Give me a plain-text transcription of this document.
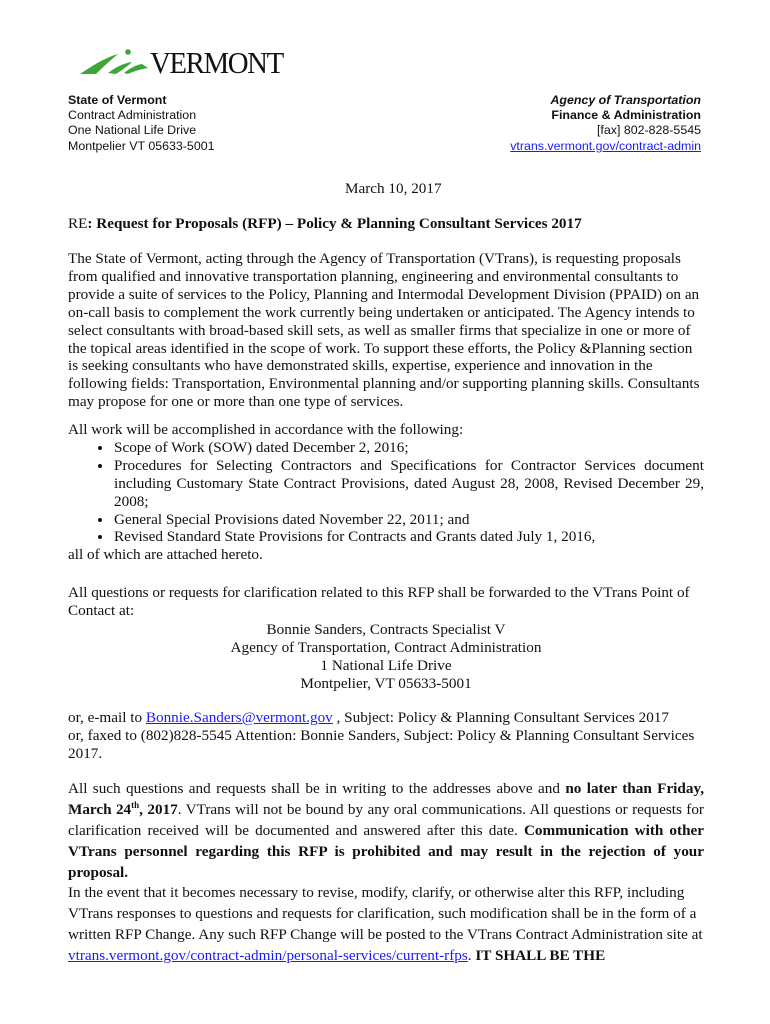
VERMONT
State of Vermont
Contract Administration
One National Life Drive
Montpelier VT 05633-5001
Agency of Transportation
Finance & Administration
[fax] 802-828-5545
vtrans.vermont.gov/contract-admin
March 10, 2017
RE: Request for Proposals (RFP) – Policy & Planning Consultant Services 2017

The State of Vermont, acting through the Agency of Transportation (VTrans), is requesting proposals from qualified and innovative transportation planning, engineering and environmental consultants to provide a suite of services to the Policy, Planning and Intermodal Development Division (PPAID) on an on-call basis to complement the work currently being undertaken or anticipated. The Agency intends to select consultants with broad-based skill sets, as well as smaller firms that specialize in one or more of the topical areas identified in the scope of work. To support these efforts, the Policy &Planning section is seeking consultants who have demonstrated skills, expertise, experience and innovation in the following fields: Transportation, Environmental planning and/or supporting planning skills. Consultants may propose for one or more than one type of services.

All work will be accomplished in accordance with the following:
• Scope of Work (SOW) dated December 2, 2016;
• Procedures for Selecting Contractors and Specifications for Contractor Services document including Customary State Contract Provisions, dated August 28, 2008, Revised December 29, 2008;
• General Special Provisions dated November 22, 2011; and
• Revised Standard State Provisions for Contracts and Grants dated July 1, 2016,
all of which are attached hereto.

All questions or requests for clarification related to this RFP shall be forwarded to the VTrans Point of Contact at:

Bonnie Sanders, Contracts Specialist V
Agency of Transportation, Contract Administration
1 National Life Drive
Montpelier, VT 05633-5001
or, e-mail to Bonnie.Sanders@vermont.gov , Subject: Policy & Planning Consultant Services 2017
or, faxed to (802)828-5545 Attention: Bonnie Sanders, Subject: Policy & Planning Consultant Services 2017.

All such questions and requests shall be in writing to the addresses above and no later than Friday, March 24th, 2017. VTrans will not be bound by any oral communications. All questions or requests for clarification received will be documented and answered after this date. Communication with other VTrans personnel regarding this RFP is prohibited and may result in the rejection of your proposal.

In the event that it becomes necessary to revise, modify, clarify, or otherwise alter this RFP, including VTrans responses to questions and requests for clarification, such modification shall be in the form of a written RFP Change. Any such RFP Change will be posted to the VTrans Contract Administration site at vtrans.vermont.gov/contract-admin/personal-services/current-rfps. IT SHALL BE THE
